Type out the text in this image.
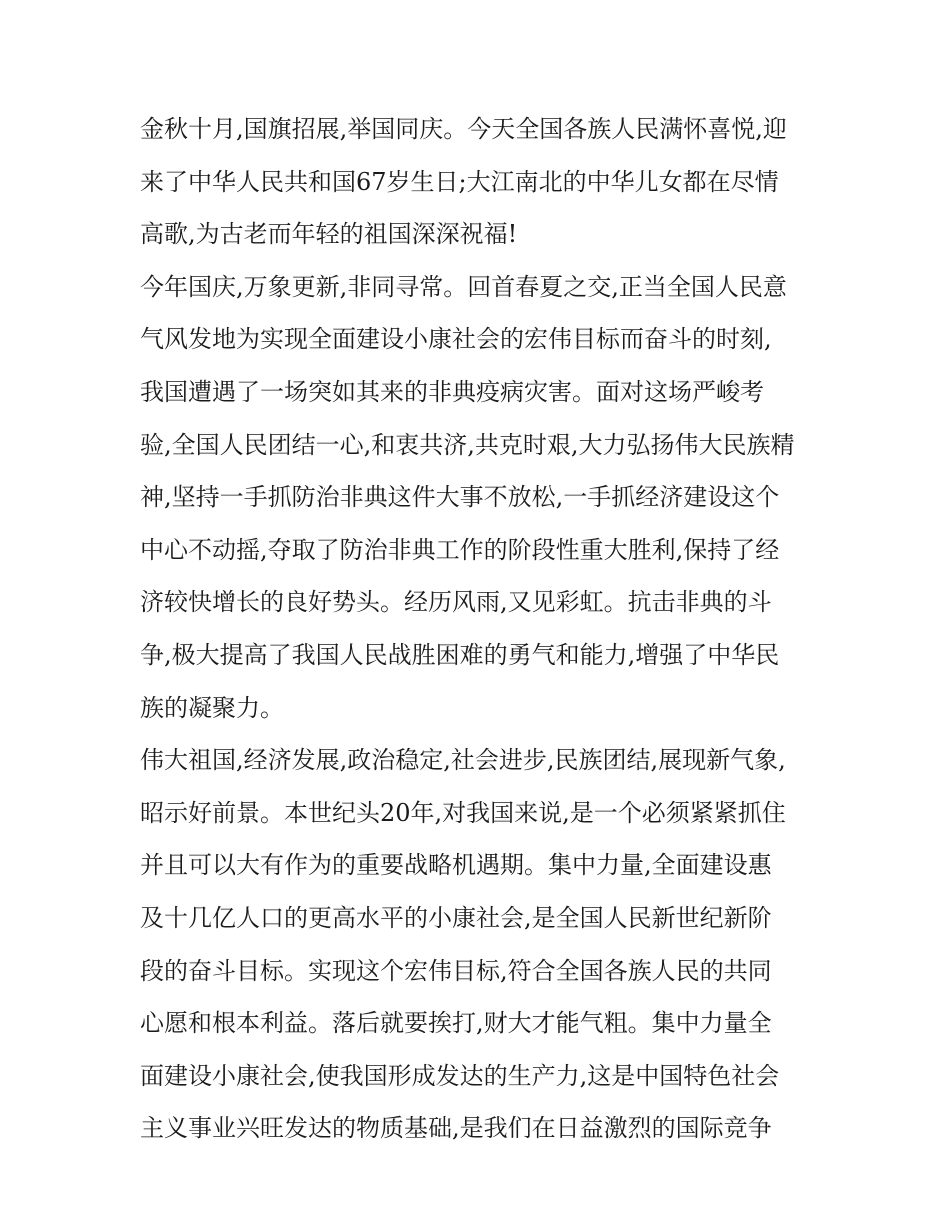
金秋十月,国旗招展,举国同庆。今天全国各族人民满怀喜悦,迎
来了中华人民共和国67岁生日;大江南北的中华儿女都在尽情
高歌,为古老而年轻的祖国深深祝福!
今年国庆,万象更新,非同寻常。回首春夏之交,正当全国人民意
气风发地为实现全面建设小康社会的宏伟目标而奋斗的时刻,
我国遭遇了一场突如其来的非典疫病灾害。面对这场严峻考
验,全国人民团结一心,和衷共济,共克时艰,大力弘扬伟大民族精
神,坚持一手抓防治非典这件大事不放松,一手抓经济建设这个
中心不动摇,夺取了防治非典工作的阶段性重大胜利,保持了经
济较快增长的良好势头。经历风雨,又见彩虹。抗击非典的斗
争,极大提高了我国人民战胜困难的勇气和能力,增强了中华民
族的凝聚力。
伟大祖国,经济发展,政治稳定,社会进步,民族团结,展现新气象,
昭示好前景。本世纪头20年,对我国来说,是一个必须紧紧抓住
并且可以大有作为的重要战略机遇期。集中力量,全面建设惠
及十几亿人口的更高水平的小康社会,是全国人民新世纪新阶
段的奋斗目标。实现这个宏伟目标,符合全国各族人民的共同
心愿和根本利益。落后就要挨打,财大才能气粗。集中力量全
面建设小康社会,使我国形成发达的生产力,这是中国特色社会
主义事业兴旺发达的物质基础,是我们在日益激烈的国际竞争
